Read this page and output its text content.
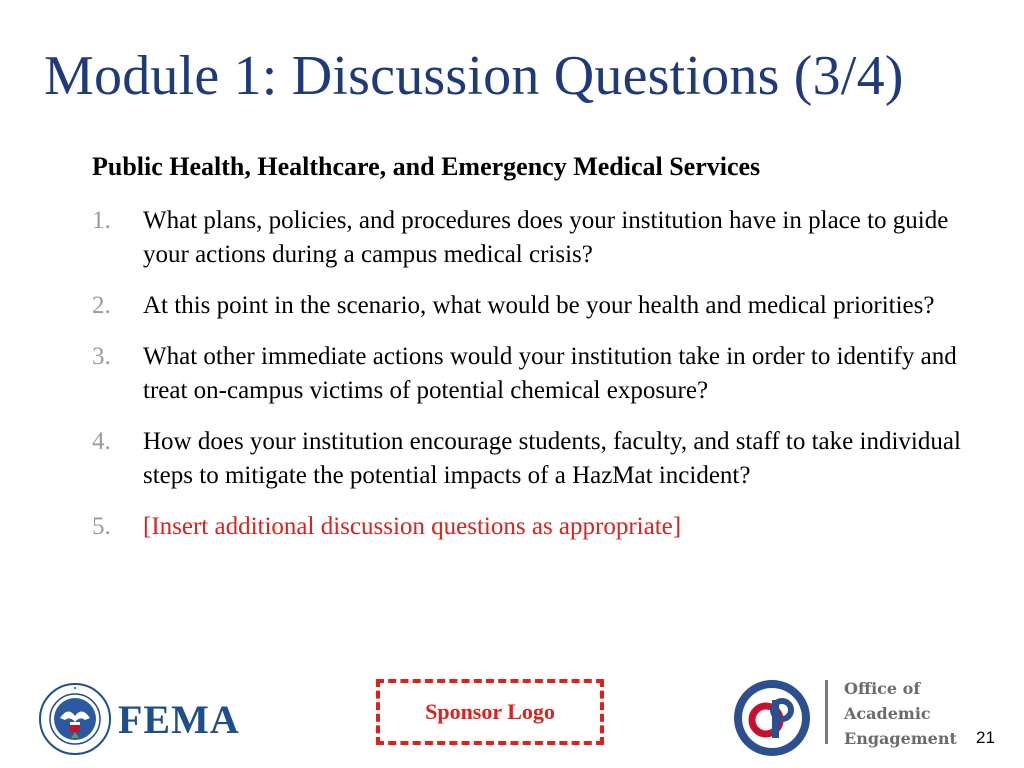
Module 1: Discussion Questions (3/4)
Public Health, Healthcare, and Emergency Medical Services
1. What plans, policies, and procedures does your institution have in place to guide your actions during a campus medical crisis?
2. At this point in the scenario, what would be your health and medical priorities?
3. What other immediate actions would your institution take in order to identify and treat on-campus victims of potential chemical exposure?
4. How does your institution encourage students, faculty, and staff to take individual steps to mitigate the potential impacts of a HazMat incident?
5. [Insert additional discussion questions as appropriate]
FEMA	Sponsor Logo
Office of
Academic
Engagement 21
